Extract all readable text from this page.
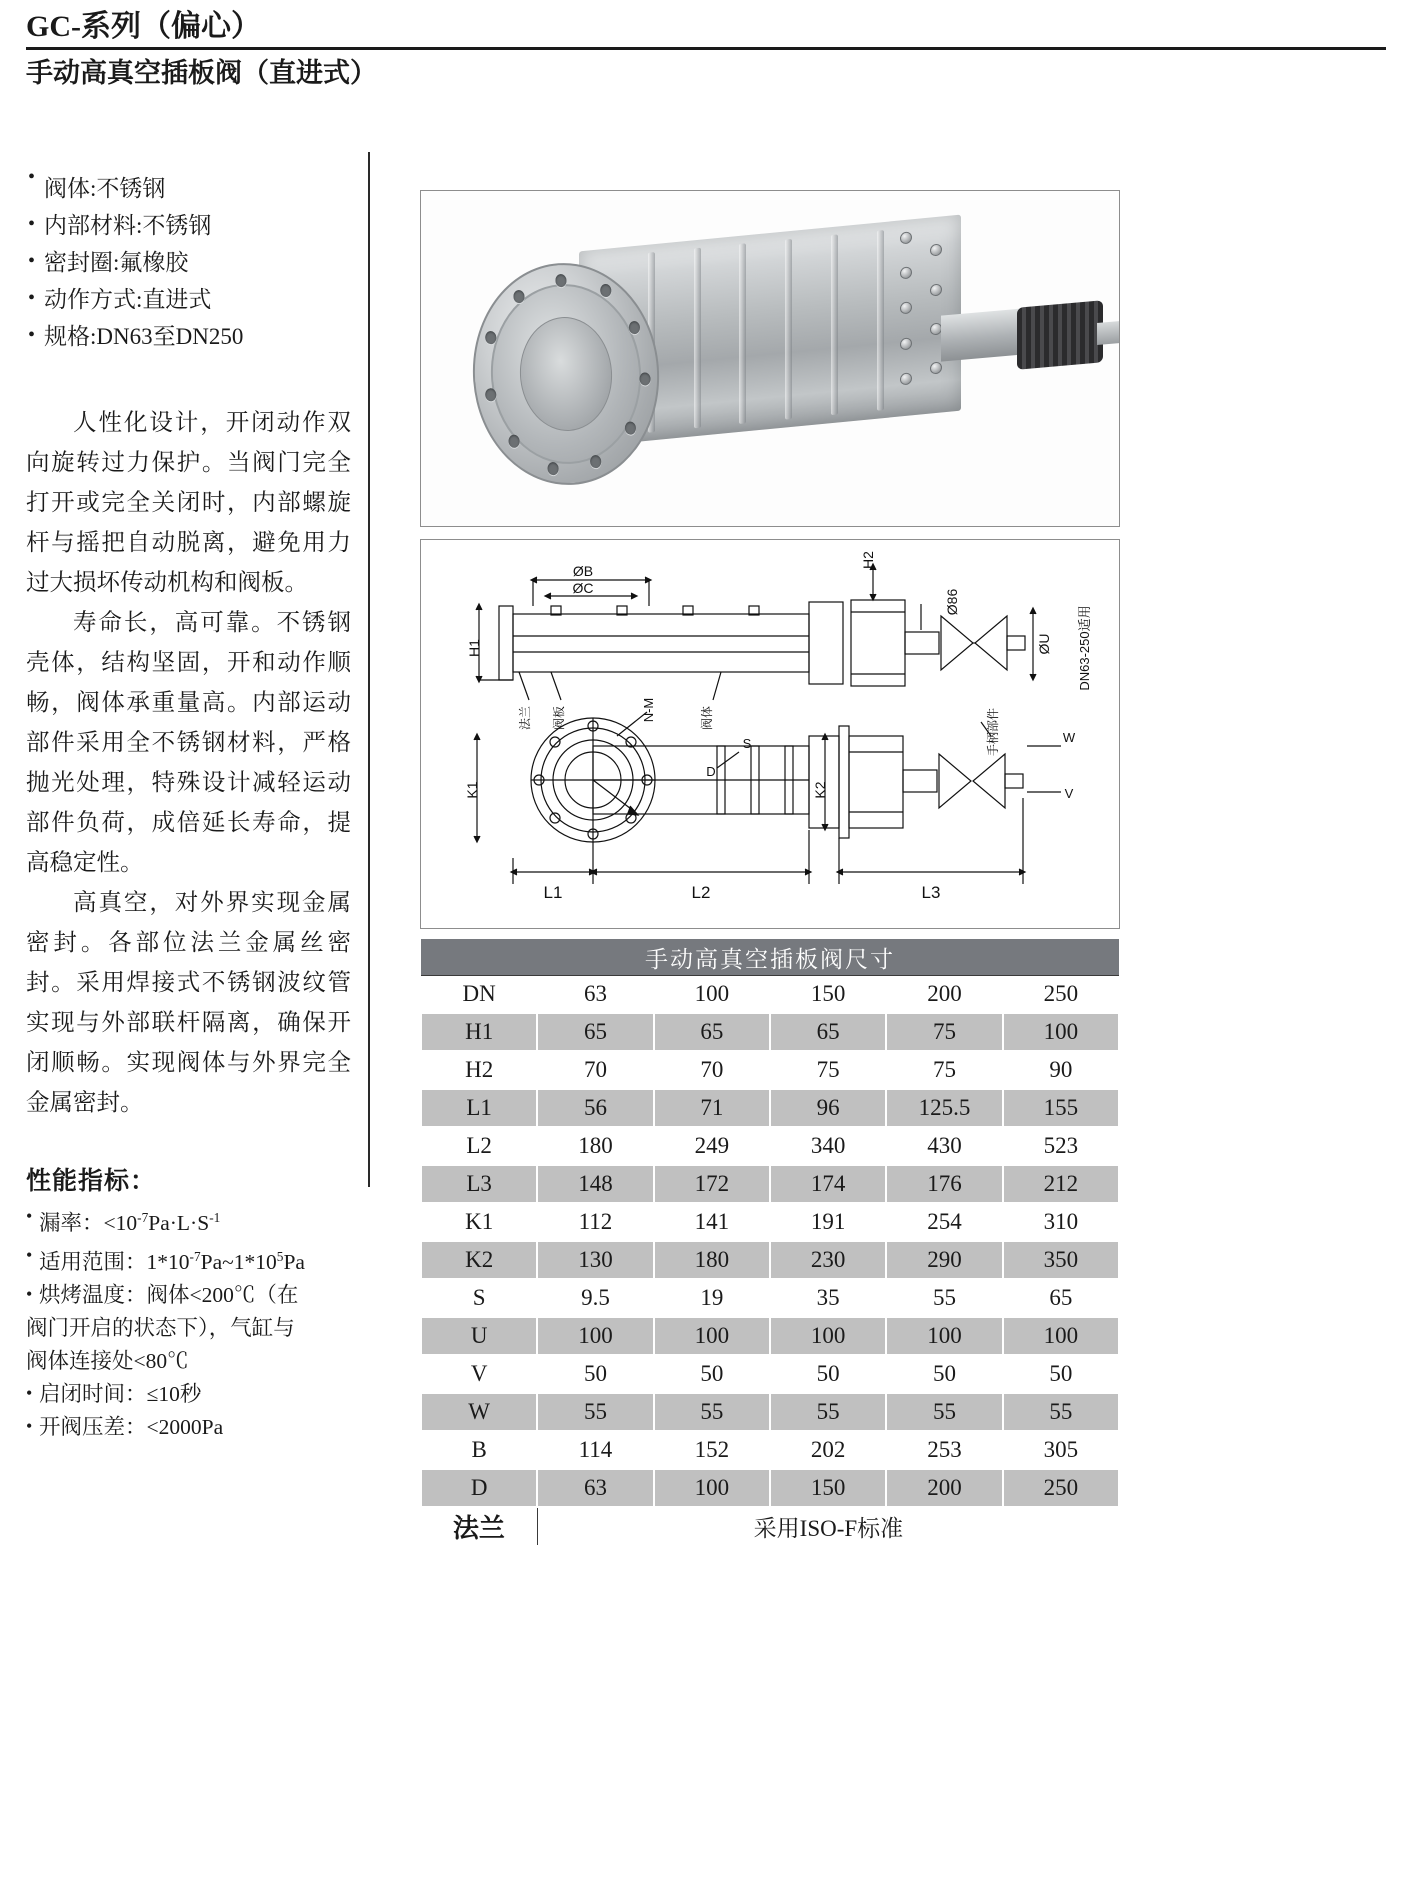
GC-系列（偏心）
手动高真空插板阀（直进式）
• 阀体:不锈钢
• 内部材料:不锈钢
• 密封圈:氟橡胶
• 动作方式:直进式
• 规格:DN63至DN250

人性化设计，开闭动作双向旋转过力保护。当阀门完全打开或完全关闭时，内部螺旋杆与摇把自动脱离，避免用力过大损坏传动机构和阀板。

寿命长，高可靠。不锈钢壳体，结构坚固，开和动作顺畅，阀体承重量高。内部运动部件采用全不锈钢材料，严格抛光处理，特殊设计减轻运动部件负荷，成倍延长寿命，提高稳定性。

高真空，对外界实现金属密封。各部位法兰金属丝密封。采用焊接式不锈钢波纹管实现与外部联杆隔离，确保开闭顺畅。实现阀体与外界完全金属密封。

性能指标：
• 漏率：$<10^{-7}Pa\cdot L\cdot S^{-1}$
• 适用范围：$1*10^{-7}Pa\sim 1*10^5Pa$
• 烘烤温度：阀体<200℃（在
阀门开启的状态下），气缸与
阀体连接处<80℃
• 启闭时间：≤10秒
• 开阀压差：<2000Pa
ØB
ØC
H1
H2
Ø86
ØU DN63-250适用
K1	K2
N-M
L1	L2	L3
S	W
V
法兰 阀板	阀体	手柄部件
D
手动高真空插板阀尺寸					
DN	63	100	150	200	250
H1	65	65	65	75	100
H2	70	70	75	75	90
L1	56	71	96	125.5	155
L2	180	249	340	430	523
L3	148	172	174	176	212
K1	112	141	191	254	310
K2	130	180	230	290	350
S	9.5	19	35	55	65
U	100	100	100	100	100
V	50	50	50	50	50
W	55	55	55	55	55
B	114	152	202	253	305
D	63	100	150	200	250
法兰	采用ISO-F标准				
